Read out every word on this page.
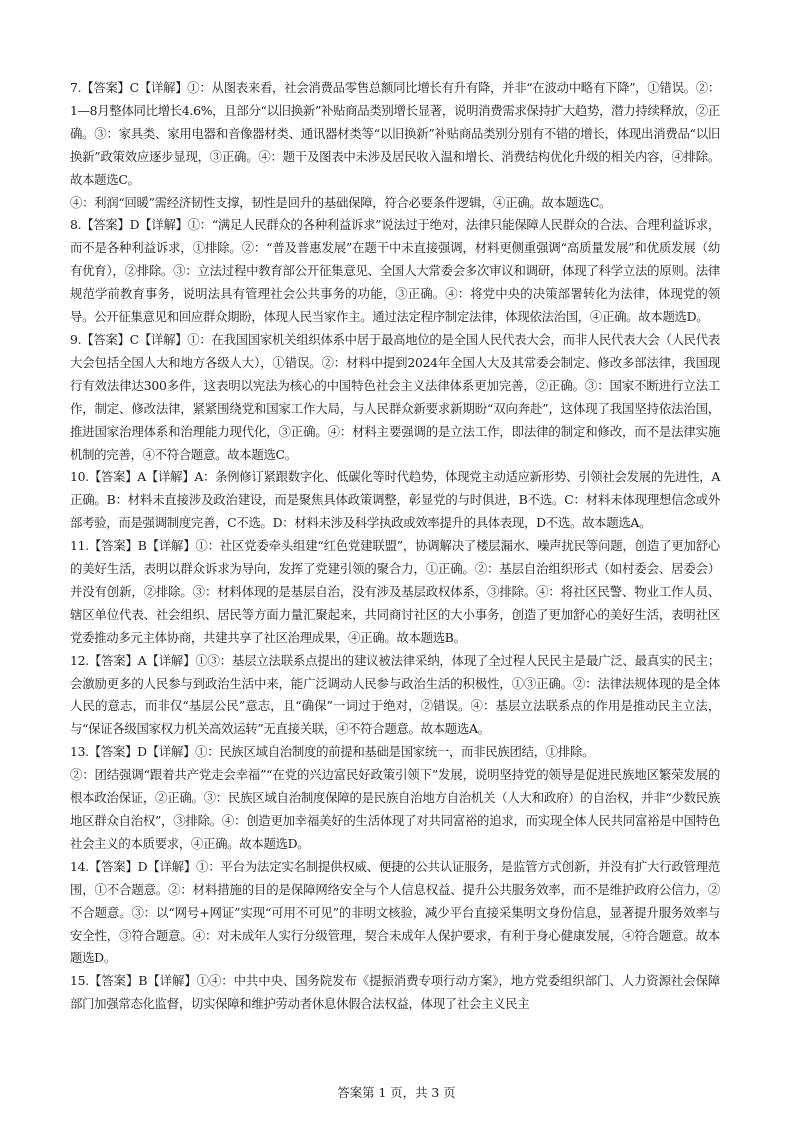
7.【答案】C【详解】①：从图表来看，社会消费品零售总额同比增长有升有降，并非“在波动中略有下降”，①错误。②：1—8月整体同比增长4.6%，且部分“以旧换新”补贴商品类别增长显著，说明消费需求保持扩大趋势，潜力持续释放，②正确。③：家具类、家用电器和音像器材类、通讯器材类等“以旧换新”补贴商品类别分别有不错的增长，体现出消费品“以旧换新”政策效应逐步显现，③正确。④：题干及图表中未涉及居民收入温和增长、消费结构优化升级的相关内容，④排除。故本题选C。

④：利润“回暖”需经济韧性支撑，韧性是回升的基础保障，符合必要条件逻辑，④正确。故本题选C。

8.【答案】D【详解】①：“满足人民群众的各种利益诉求”说法过于绝对，法律只能保障人民群众的合法、合理利益诉求，而不是各种利益诉求，①排除。②：“普及普惠发展”在题干中未直接强调，材料更侧重强调“高质量发展”和优质发展（幼有优育），②排除。③：立法过程中教育部公开征集意见、全国人大常委会多次审议和调研，体现了科学立法的原则。法律规范学前教育事务，说明法具有管理社会公共事务的功能，③正确。④：将党中央的决策部署转化为法律，体现党的领导。公开征集意见和回应群众期盼，体现人民当家作主。通过法定程序制定法律，体现依法治国，④正确。故本题选D。

9.【答案】C【详解】①：在我国国家机关组织体系中居于最高地位的是全国人民代表大会，而非人民代表大会（人民代表大会包括全国人大和地方各级人大），①错误。②：材料中提到2024年全国人大及其常委会制定、修改多部法律，我国现行有效法律达300多件，这表明以宪法为核心的中国特色社会主义法律体系更加完善，②正确。③：国家不断进行立法工作，制定、修改法律，紧紧围绕党和国家工作大局，与人民群众新要求新期盼“双向奔赴”，这体现了我国坚持依法治国，推进国家治理体系和治理能力现代化，③正确。④：材料主要强调的是立法工作，即法律的制定和修改，而不是法律实施机制的完善，④不符合题意。故本题选C。

10.【答案】A【详解】A：条例修订紧跟数字化、低碳化等时代趋势，体现党主动适应新形势、引领社会发展的先进性，A正确。B：材料未直接涉及政治建设，而是聚焦具体政策调整，彰显党的与时俱进，B不选。C：材料未体现理想信念或外部考验，而是强调制度完善，C不选。D：材料未涉及科学执政或效率提升的具体表现，D不选。故本题选A。

11.【答案】B【详解】①：社区党委牵头组建“红色党建联盟”，协调解决了楼层漏水、噪声扰民等问题，创造了更加舒心的美好生活，表明以群众诉求为导向，发挥了党建引领的聚合力，①正确。②：基层自治组织形式（如村委会、居委会）并没有创新，②排除。③：材料体现的是基层自治，没有涉及基层政权体系，③排除。④：将社区民警、物业工作人员、辖区单位代表、社会组织、居民等方面力量汇聚起来，共同商讨社区的大小事务，创造了更加舒心的美好生活，表明社区党委推动多元主体协商，共建共享了社区治理成果，④正确。故本题选B。

12.【答案】A【详解】①③：基层立法联系点提出的建议被法律采纳，体现了全过程人民民主是最广泛、最真实的民主；会激励更多的人民参与到政治生活中来，能广泛调动人民参与政治生活的积极性，①③正确。②：法律法规体现的是全体人民的意志，而非仅“基层公民”意志，且“确保”一词过于绝对，②错误。④：基层立法联系点的作用是推动民主立法，与“保证各级国家权力机关高效运转”无直接关联，④不符合题意。故本题选A。

13.【答案】D【详解】①：民族区域自治制度的前提和基础是国家统一，而非民族团结，①排除。

②：团结强调“跟着共产党走会幸福”“在党的兴边富民好政策引领下”发展，说明坚持党的领导是促进民族地区繁荣发展的根本政治保证，②正确。③：民族区域自治制度保障的是民族自治地方自治机关（人大和政府）的自治权，并非“少数民族地区群众自治权”，③排除。④：创造更加幸福美好的生活体现了对共同富裕的追求，而实现全体人民共同富裕是中国特色社会主义的本质要求，④正确。故本题选D。

14.【答案】D【详解】①：平台为法定实名制提供权威、便捷的公共认证服务，是监管方式创新，并没有扩大行政管理范围，①不合题意。②：材料措施的目的是保障网络安全与个人信息权益、提升公共服务效率，而不是维护政府公信力，②不合题意。③：以“网号+网证”实现“可用不可见”的非明文核验，减少平台直接采集明文身份信息，显著提升服务效率与安全性，③符合题意。④：对未成年人实行分级管理，契合未成年人保护要求，有利于身心健康发展，④符合题意。故本题选D。

15.【答案】B【详解】①④：中共中央、国务院发布《提振消费专项行动方案》，地方党委组织部门、人力资源社会保障部门加强常态化监督，切实保障和维护劳动者休息休假合法权益，体现了社会主义民主

答案第 1 页，共 3 页
